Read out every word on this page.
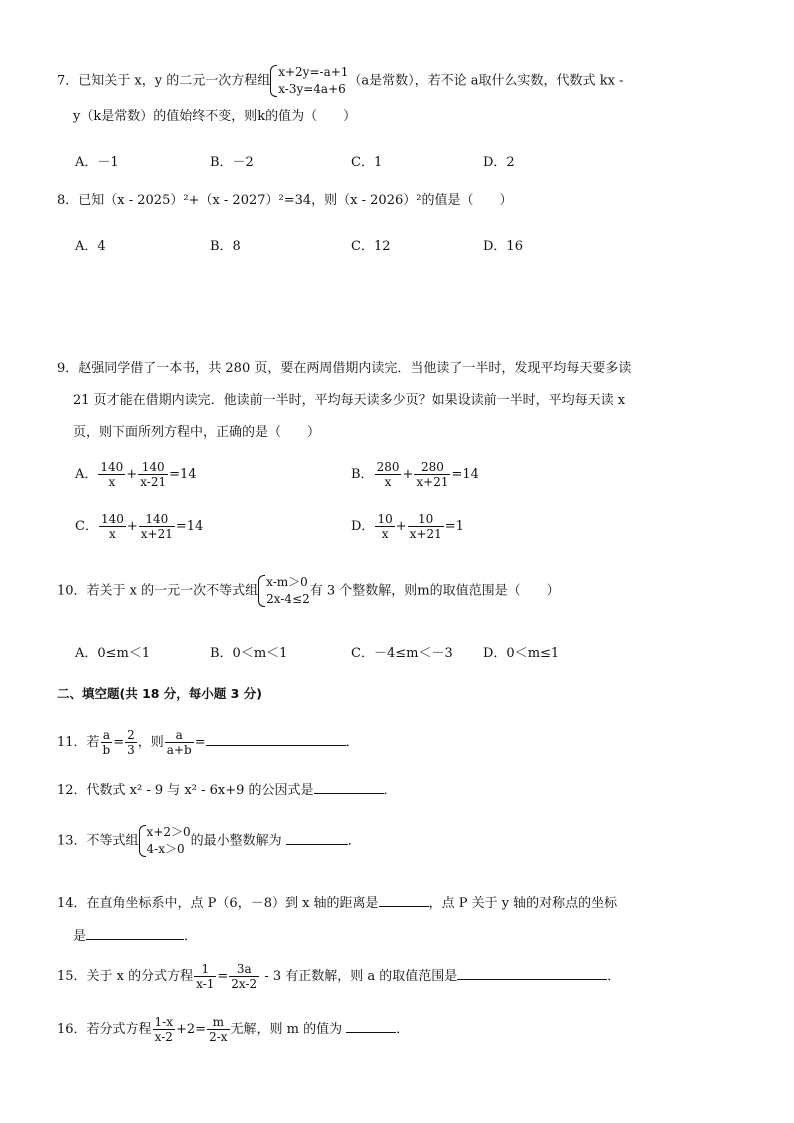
7．已知关于 x，y 的二元一次方程组
x+2y=-a+1
x-3y=4a+6
（a是常数），若不论 a取什么实数，代数式 kx -
y（k是常数）的值始终不变，则k的值为（　　）
A．－1	B．－2	C．1	D．2
8．已知（x - 2025）²+（x - 2027）²=34，则（x - 2026）²的值是（　　）
A．4	B．8	C．12	D．16
9．赵强同学借了一本书，共 280 页，要在两周借期内读完．当他读了一半时，发现平均每天要多读
21 页才能在借期内读完．他读前一半时，平均每天读多少页？如果设读前一半时，平均每天读 x
页，则下面所列方程中，正确的是（　　）
A． $\frac{140}{x} + \frac{140}{x-21} =14$	B． $\frac{280}{x} + \frac{280}{x+21} =14$
C． $\frac{140}{x} + \frac{140}{x+21} =14$	D． $\frac{10}{x} + \frac{10}{x+21} =1$
10．若关于 x 的一元一次不等式组
x-m＞0
2x-4≤2
有 3 个整数解，则m的取值范围是（　　）
A．0≤m＜1	B．0＜m＜1	C．－4≤m＜－3 D．0＜m≤1
二、填空题(共 18 分，每小题 3 分)
11．若 $\frac{a}{b} = \frac{2}{3}$ ，则 $\frac{a}{a+b}$ =	．
12．代数式 x² - 9 与 x² - 6x+9 的公因式是	．
13．不等式组
x+2＞0
4-x＞0
的最小整数解为	．
14．在直角坐标系中，点 P（6，－8）到 x 轴的距离是	，点 P 关于 y 轴的对称点的坐标
是	．
15．关于 x 的分式方程 $\frac{1}{x-1} = \frac{3a}{2x-2} - 3$ 有正数解，则 a 的取值范围是	．
16．若分式方程 $\frac{1-x}{x-2} +2= \frac{m}{2-x}$ 无解，则 m 的值为	．
